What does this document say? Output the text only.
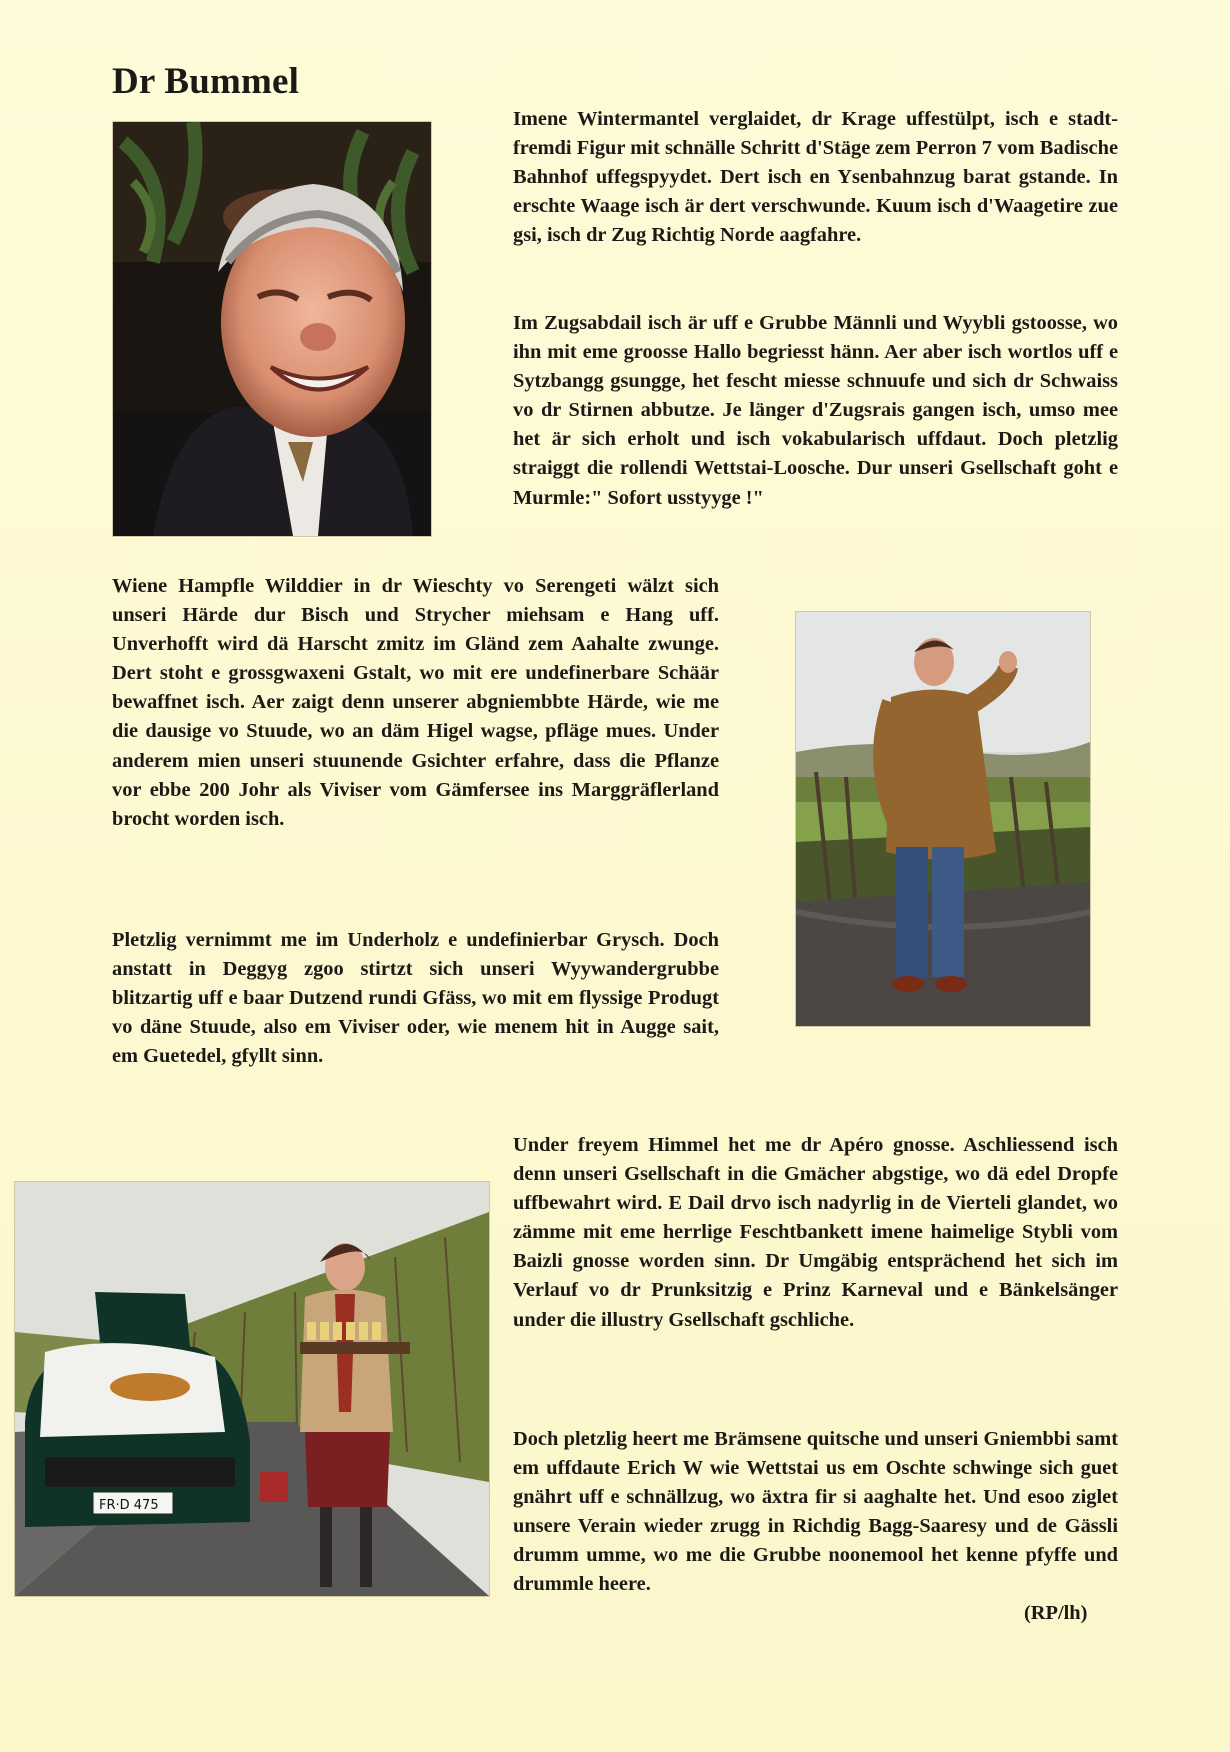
Dr Bummel

Imene Wintermantel verglaidet, dr Krage uffestülpt, isch e stadt-fremdi Figur mit schnälle Schritt d'Stäge zem Perron 7 vom Badische Bahnhof uffegspyydet. Dert isch en Ysenbahnzug barat gstande. In erschte Waage isch är dert verschwunde. Kuum isch d'Waagetire zue gsi, isch dr Zug Richtig Norde aagfahre.

Im Zugsabdail isch är uff e Grubbe Männli und Wyybli gstoosse, wo ihn mit eme groosse Hallo begriesst hänn. Aer aber isch wortlos uff e Sytzbangg gsungge, het fescht miesse schnuufe und sich dr Schwaiss vo dr Stirnen abbutze. Je länger d'Zugsrais gangen isch, umso mee het är sich erholt und isch vokabularisch uffdaut. Doch pletzlig straiggt die rollendi Wettstai-Loosche. Dur unseri Gsellschaft goht e Murmle:" Sofort usstyyge !"

Wiene Hampfle Wilddier in dr Wieschty vo Serengeti wälzt sich unseri Härde dur Bisch und Strycher miehsam e Hang uff. Unverhofft wird dä Harscht zmitz im Gländ zem Aahalte zwunge. Dert stoht e grossgwaxeni Gstalt, wo mit ere undefinerbare Schäär bewaffnet isch. Aer zaigt denn unserer abgniembbte Härde, wie me die dausige vo Stuude, wo an däm Higel wagse, pfläge mues. Under anderem mien unseri stuunende Gsichter erfahre, dass die Pflanze vor ebbe 200 Johr als Viviser vom Gämfersee ins Marggräflerland brocht worden isch.

Pletzlig vernimmt me im Underholz e undefinierbar Grysch. Doch anstatt in Deggyg zgoo stirtzt sich unseri Wyywandergrubbe blitzartig uff e baar Dutzend rundi Gfäss, wo mit em flyssige Produgt vo däne Stuude, also em Viviser oder, wie menem hit in Augge sait, em Guetedel, gfyllt sinn.

FR·D 475

Under freyem Himmel het me dr Apéro gnosse. Aschliessend isch denn unseri Gsellschaft in die Gmächer abgstige, wo dä edel Dropfe uffbewahrt wird. E Dail drvo isch nadyrlig in de Vierteli glandet, wo zämme mit eme herrlige Feschtbankett imene haimelige Stybli vom Baizli gnosse worden sinn. Dr Umgäbig entsprächend het sich im Verlauf vo dr Prunksitzig e Prinz Karneval und e Bänkelsänger under die illustry Gsellschaft gschliche.

Doch pletzlig heert me Brämsene quitsche und unseri Gniembbi samt em uffdaute Erich W wie Wettstai us em Oschte schwinge sich guet gnährt uff e schnällzug, wo äxtra fir si aaghalte het. Und esoo ziglet unsere Verain wieder zrugg in Richdig Bagg-Saaresy und de Gässli drumm umme, wo me die Grubbe noonemool het kenne pfyffe und drummle heere.

(RP/lh)
